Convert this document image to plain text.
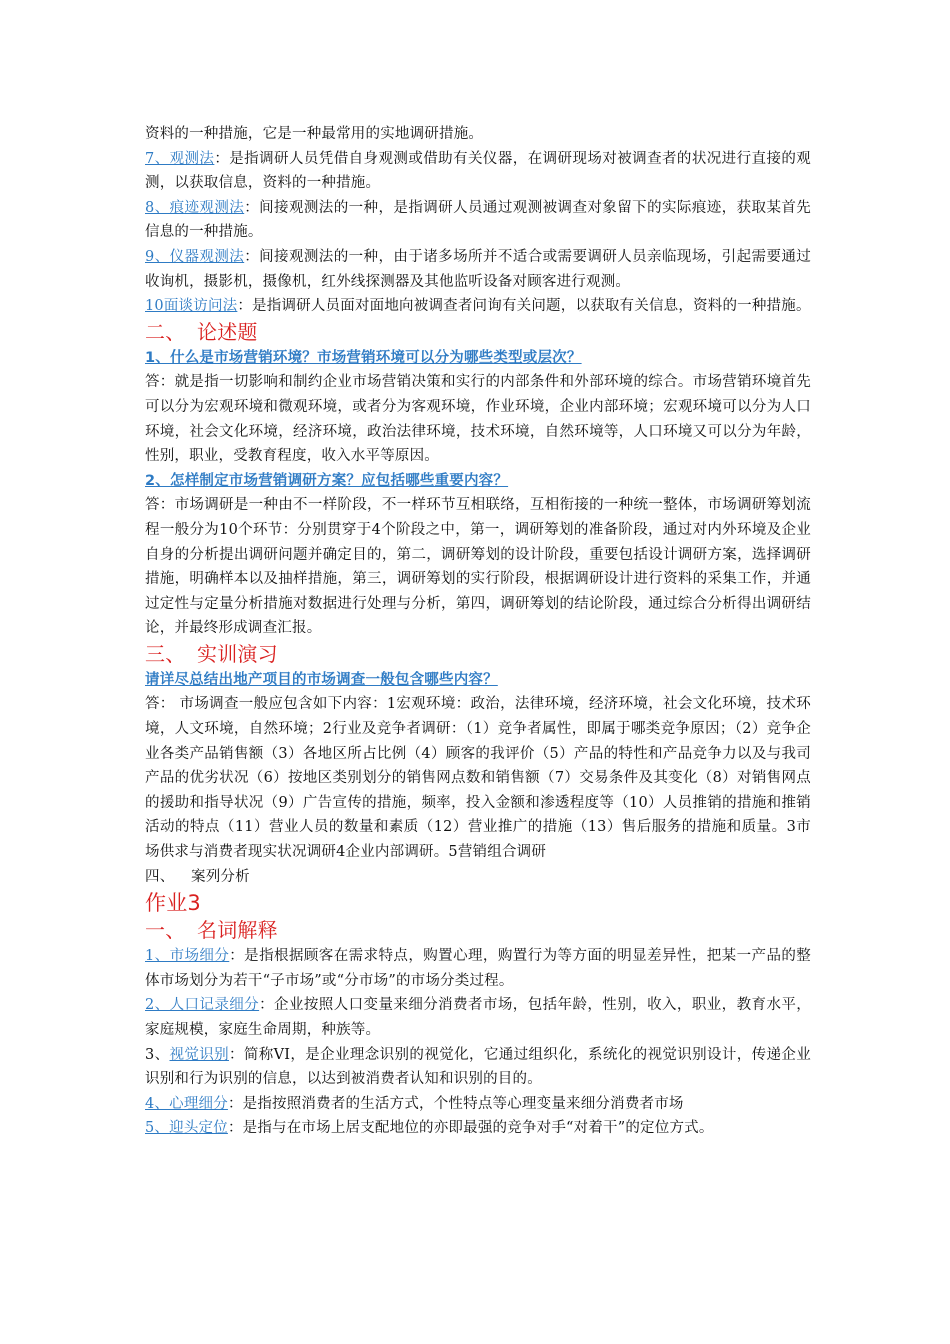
资料的一种措施，它是一种最常用的实地调研措施。

7、观测法：是指调研人员凭借自身观测或借助有关仪器，在调研现场对被调查者的状况进行直接的观测，以获取信息，资料的一种措施。

8、痕迹观测法：间接观测法的一种，是指调研人员通过观测被调查对象留下的实际痕迹，获取某首先信息的一种措施。

9、仪器观测法：间接观测法的一种，由于诸多场所并不适合或需要调研人员亲临现场，引起需要通过收询机，摄影机，摄像机，红外线探测器及其他监听设备对顾客进行观测。

10面谈访问法：是指调研人员面对面地向被调查者问询有关问题，以获取有关信息，资料的一种措施。

二、 论述题

1、什么是市场营销环境？市场营销环境可以分为哪些类型或层次？

答：就是指一切影响和制约企业市场营销决策和实行的内部条件和外部环境的综合。市场营销环境首先可以分为宏观环境和微观环境，或者分为客观环境，作业环境，企业内部环境；宏观环境可以分为人口环境，社会文化环境，经济环境，政治法律环境，技术环境，自然环境等，人口环境又可以分为年龄，性别，职业，受教育程度，收入水平等原因。

2、怎样制定市场营销调研方案？应包括哪些重要内容？

答：市场调研是一种由不一样阶段，不一样环节互相联络，互相衔接的一种统一整体，市场调研筹划流程一般分为10个环节：分别贯穿于4个阶段之中，第一，调研筹划的准备阶段，通过对内外环境及企业自身的分析提出调研问题并确定目的，第二，调研筹划的设计阶段，重要包括设计调研方案，选择调研措施，明确样本以及抽样措施，第三，调研筹划的实行阶段，根据调研设计进行资料的采集工作，并通过定性与定量分析措施对数据进行处理与分析，第四，调研筹划的结论阶段，通过综合分析得出调研结论，并最终形成调查汇报。

三、 实训演习

请详尽总结出地产项目的市场调查一般包含哪些内容？

答： 市场调查一般应包含如下内容：1宏观环境：政治，法律环境，经济环境，社会文化环境，技术环境，人文环境，自然环境；2行业及竞争者调研：（1）竞争者属性，即属于哪类竞争原因；（2）竞争企业各类产品销售额（3）各地区所占比例（4）顾客的我评价（5）产品的特性和产品竞争力以及与我司产品的优劣状况（6）按地区类别划分的销售网点数和销售额（7）交易条件及其变化（8）对销售网点的援助和指导状况（9）广告宣传的措施，频率，投入金额和渗透程度等（10）人员推销的措施和推销活动的特点（11）营业人员的数量和素质（12）营业推广的措施（13）售后服务的措施和质量。3市场供求与消费者现实状况调研4企业内部调研。5营销组合调研

四、 案列分析

作业3

一、 名词解释

1、市场细分：是指根据顾客在需求特点，购置心理，购置行为等方面的明显差异性，把某一产品的整体市场划分为若干“子市场”或“分市场”的市场分类过程。

2、人口记录细分：企业按照人口变量来细分消费者市场，包括年龄，性别，收入，职业，教育水平，家庭规模，家庭生命周期，种族等。

3、视觉识别：简称VI，是企业理念识别的视觉化，它通过组织化，系统化的视觉识别设计，传递企业识别和行为识别的信息，以达到被消费者认知和识别的目的。

4、心理细分：是指按照消费者的生活方式，个性特点等心理变量来细分消费者市场

5、迎头定位：是指与在市场上居支配地位的亦即最强的竞争对手“对着干”的定位方式。
